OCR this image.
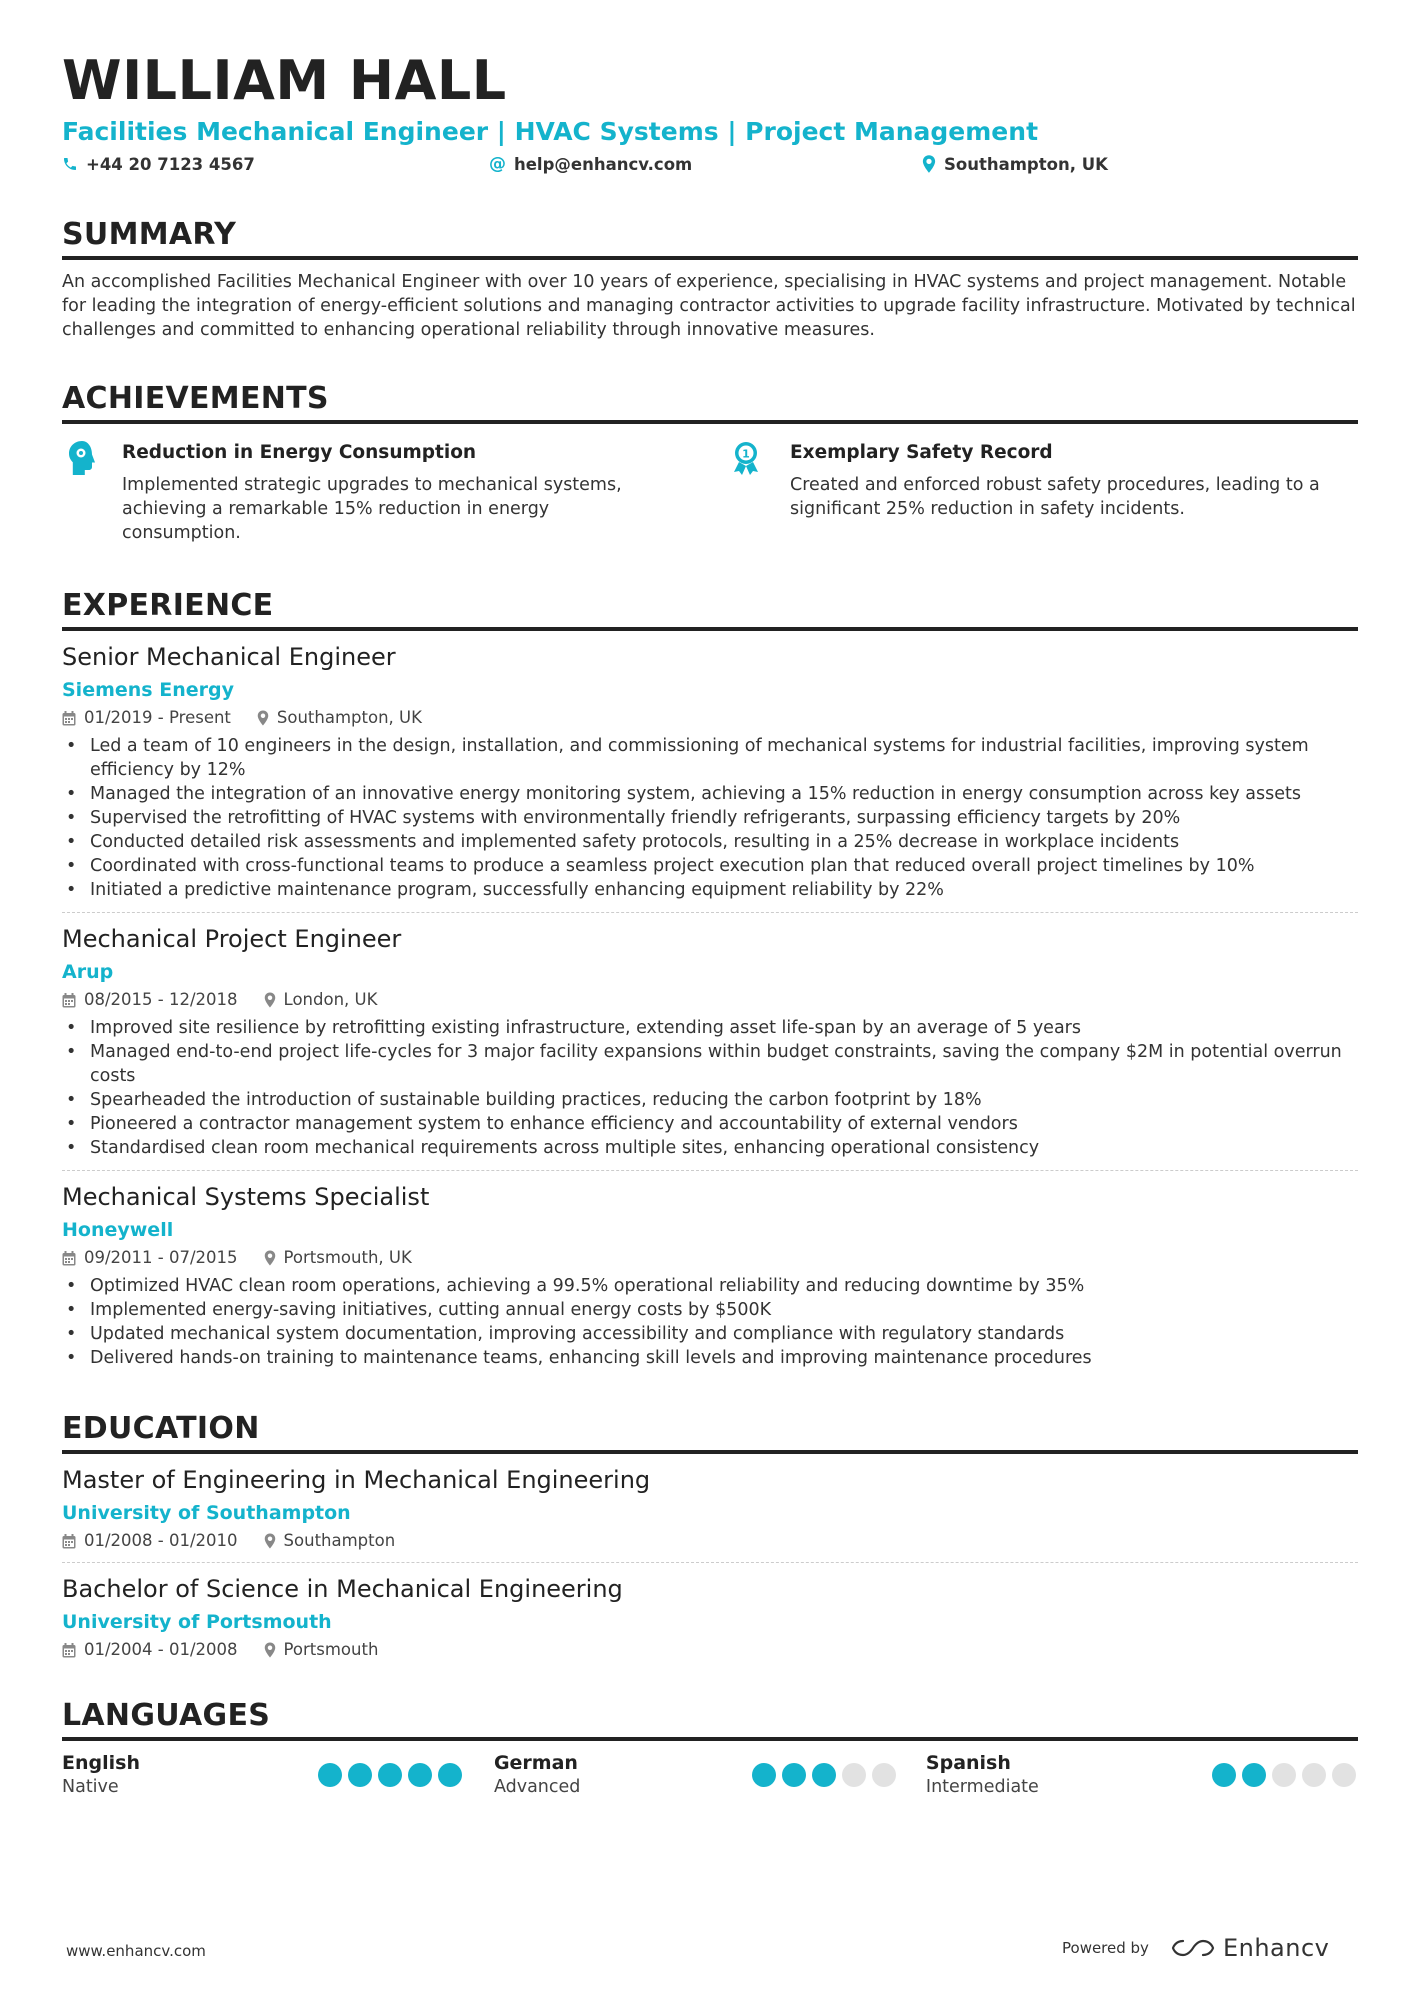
WILLIAM HALL
Facilities Mechanical Engineer | HVAC Systems | Project Management
+44 20 7123 4567	@ help@enhancv.com	Southampton, UK
SUMMARY
An accomplished Facilities Mechanical Engineer with over 10 years of experience, specialising in HVAC systems and project management. Notable for leading the integration of energy-efficient solutions and managing contractor activities to upgrade facility infrastructure. Motivated by technical challenges and committed to enhancing operational reliability through innovative measures.
ACHIEVEMENTS
Reduction in Energy Consumption
Implemented strategic upgrades to mechanical systems, achieving a remarkable 15% reduction in energy consumption.
1 Exemplary Safety Record
Created and enforced robust safety procedures, leading to a significant 25% reduction in safety incidents.
EXPERIENCE
Senior Mechanical Engineer
Siemens Energy
01/2019 - Present	Southampton, UK
• Led a team of 10 engineers in the design, installation, and commissioning of mechanical systems for industrial facilities, improving system efficiency by 12%
• Managed the integration of an innovative energy monitoring system, achieving a 15% reduction in energy consumption across key assets
• Supervised the retrofitting of HVAC systems with environmentally friendly refrigerants, surpassing efficiency targets by 20%
• Conducted detailed risk assessments and implemented safety protocols, resulting in a 25% decrease in workplace incidents
• Coordinated with cross-functional teams to produce a seamless project execution plan that reduced overall project timelines by 10%
• Initiated a predictive maintenance program, successfully enhancing equipment reliability by 22%
Mechanical Project Engineer
Arup
08/2015 - 12/2018	London, UK
• Improved site resilience by retrofitting existing infrastructure, extending asset life-span by an average of 5 years
• Managed end-to-end project life-cycles for 3 major facility expansions within budget constraints, saving the company $2M in potential overrun costs
• Spearheaded the introduction of sustainable building practices, reducing the carbon footprint by 18%
• Pioneered a contractor management system to enhance efficiency and accountability of external vendors
• Standardised clean room mechanical requirements across multiple sites, enhancing operational consistency
Mechanical Systems Specialist
Honeywell
09/2011 - 07/2015	Portsmouth, UK
• Optimized HVAC clean room operations, achieving a 99.5% operational reliability and reducing downtime by 35%
• Implemented energy-saving initiatives, cutting annual energy costs by $500K
• Updated mechanical system documentation, improving accessibility and compliance with regulatory standards
• Delivered hands-on training to maintenance teams, enhancing skill levels and improving maintenance procedures
EDUCATION
Master of Engineering in Mechanical Engineering
University of Southampton
01/2008 - 01/2010	Southampton
Bachelor of Science in Mechanical Engineering
University of Portsmouth
01/2004 - 01/2008	Portsmouth
LANGUAGES
English
Native
German
Advanced
Spanish
Intermediate
www.enhancv.com	Powered by	Enhancv
